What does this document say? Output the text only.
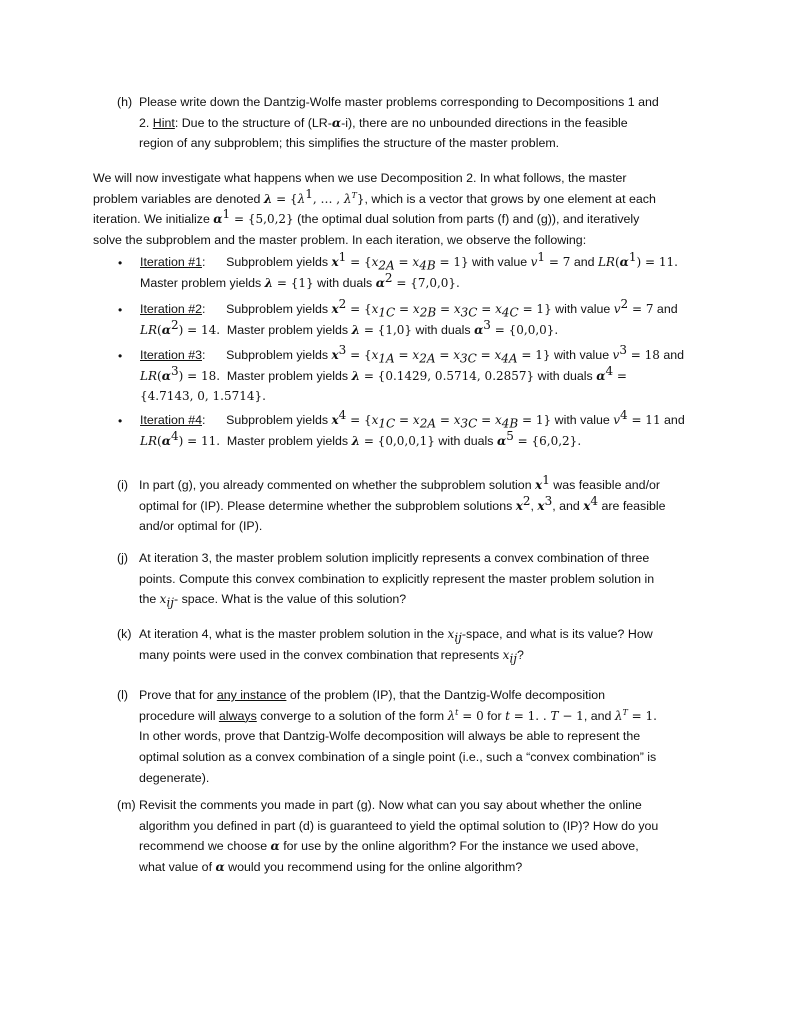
(h) Please write down the Dantzig-Wolfe master problems corresponding to Decompositions 1 and
2. Hint: Due to the structure of (LR-α-i), there are no unbounded directions in the feasible
region of any subproblem; this simplifies the structure of the master problem.
We will now investigate what happens when we use Decomposition 2. In what follows, the master
problem variables are denoted $\lambda = \{\lambda^1$, … , $\lambda^T$}, which is a vector that grows by one element at each
iteration. We initialize $\alpha^1 = \{5,0,2\}$ (the optimal dual solution from parts (f) and (g)), and iteratively
solve the subproblem and the master problem. In each iteration, we observe the following:
• Iteration #1:      Subproblem yields $x^1 = \{x_{2A} = x_{4B} = 1\}$ with value $v^1 = 7$ and $LR(\alpha^1) = 11$.
Master problem yields λ = {1} with duals $\alpha^2 = \{7,0,0\}$.
• Iteration #2:      Subproblem yields $x^2 = \{x_{1C} = x_{2B} = x_{3C} = x_{4C} = 1\}$ with value $v^2 = 7$ and
$LR(\alpha^2) = 14$. Master problem yields λ = {1,0} with duals $\alpha^3 = \{0,0,0\}$.
• Iteration #3:      Subproblem yields $x^3 = \{x_{1A} = x_{2A} = x_{3C} = x_{4A} = 1\}$ with value $v^3 = 18$ and
$LR(\alpha^3) = 18$. Master problem yields λ = {0.1429, 0.5714, 0.2857} with duals $\alpha^4$ =
{4.7143, 0, 1.5714}.
• Iteration #4:      Subproblem yields $x^4 = \{x_{1C} = x_{2A} = x_{3C} = x_{4B} = 1\}$ with value $v^4 = 11$ and
$LR(\alpha^4) = 11$. Master problem yields λ = {0,0,0,1} with duals $\alpha^5 = \{6,0,2\}$.
(i) In part (g), you already commented on whether the subproblem solution $x^1$ was feasible and/or
optimal for (IP). Please determine whether the subproblem solutions $x^2$, $x^3$, and $x^4$ are feasible
and/or optimal for (IP).
(j) At iteration 3, the master problem solution implicitly represents a convex combination of three
points. Compute this convex combination to explicitly represent the master problem solution in
the $x_{ij}-$ space. What is the value of this solution?
(k) At iteration 4, what is the master problem solution in the $x_{ij}$-space, and what is its value? How
many points were used in the convex combination that represents $x_{ij}$?
(l) Prove that for any instance of the problem (IP), that the Dantzig-Wolfe decomposition
procedure will always converge to a solution of the form $\lambda^t = 0$ for t = 1. . T − 1, and $\lambda^T = 1$.
In other words, prove that Dantzig-Wolfe decomposition will always be able to represent the
optimal solution as a convex combination of a single point (i.e., such a “convex combination” is
degenerate).
(m) Revisit the comments you made in part (g). Now what can you say about whether the online
algorithm you defined in part (d) is guaranteed to yield the optimal solution to (IP)? How do you
recommend we choose α for use by the online algorithm? For the instance we used above,
what value of α would you recommend using for the online algorithm?
